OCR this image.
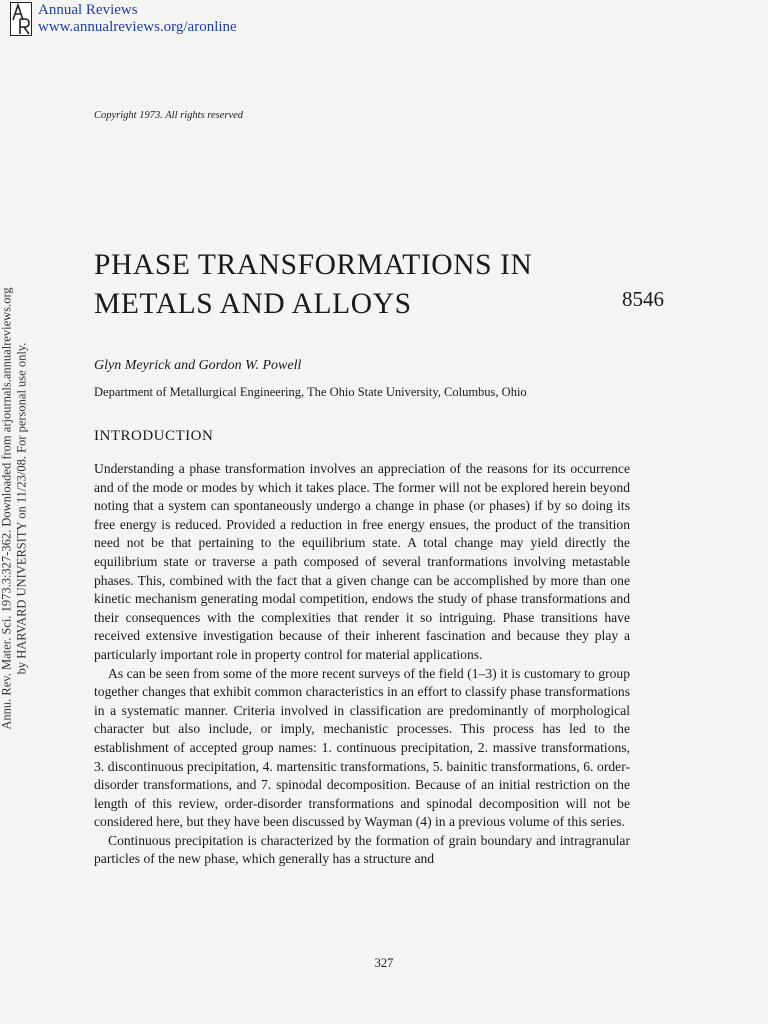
Annual Reviews
www.annualreviews.org/aronline
Copyright 1973. All rights reserved
Annu. Rev. Mater. Sci. 1973.3:327-362. Downloaded from arjournals.annualreviews.org by HARVARD UNIVERSITY on 11/23/08. For personal use only.
PHASE TRANSFORMATIONS IN
METALS AND ALLOYS	8546
Glyn Meyrick and Gordon W. Powell
Department of Metallurgical Engineering, The Ohio State University, Columbus, Ohio
INTRODUCTION

Understanding a phase transformation involves an appreciation of the reasons for its occurrence and of the mode or modes by which it takes place. The former will not be explored herein beyond noting that a system can spontaneously undergo a change in phase (or phases) if by so doing its free energy is reduced. Provided a reduction in free energy ensues, the product of the transition need not be that pertaining to the equilibrium state. A total change may yield directly the equilibrium state or traverse a path composed of several tranformations involving metastable phases. This, combined with the fact that a given change can be accomplished by more than one kinetic mechanism generating modal competition, endows the study of phase transformations and their consequences with the complexities that render it so intriguing. Phase transitions have received extensive investigation because of their inherent fascination and because they play a particularly important role in property control for material applications.

As can be seen from some of the more recent surveys of the field (1–3) it is customary to group together changes that exhibit common characteristics in an effort to classify phase transformations in a systematic manner. Criteria involved in classification are predominantly of morphological character but also include, or imply, mechanistic processes. This process has led to the establishment of accepted group names: 1. continuous precipitation, 2. massive transformations, 3. discontinuous precipitation, 4. martensitic transformations, 5. bainitic transformations, 6. order-disorder transformations, and 7. spinodal decomposition. Because of an initial restriction on the length of this review, order-disorder transformations and spinodal decomposition will not be considered here, but they have been discussed by Wayman (4) in a previous volume of this series.

Continuous precipitation is characterized by the formation of grain boundary and intragranular particles of the new phase, which generally has a structure and

327
